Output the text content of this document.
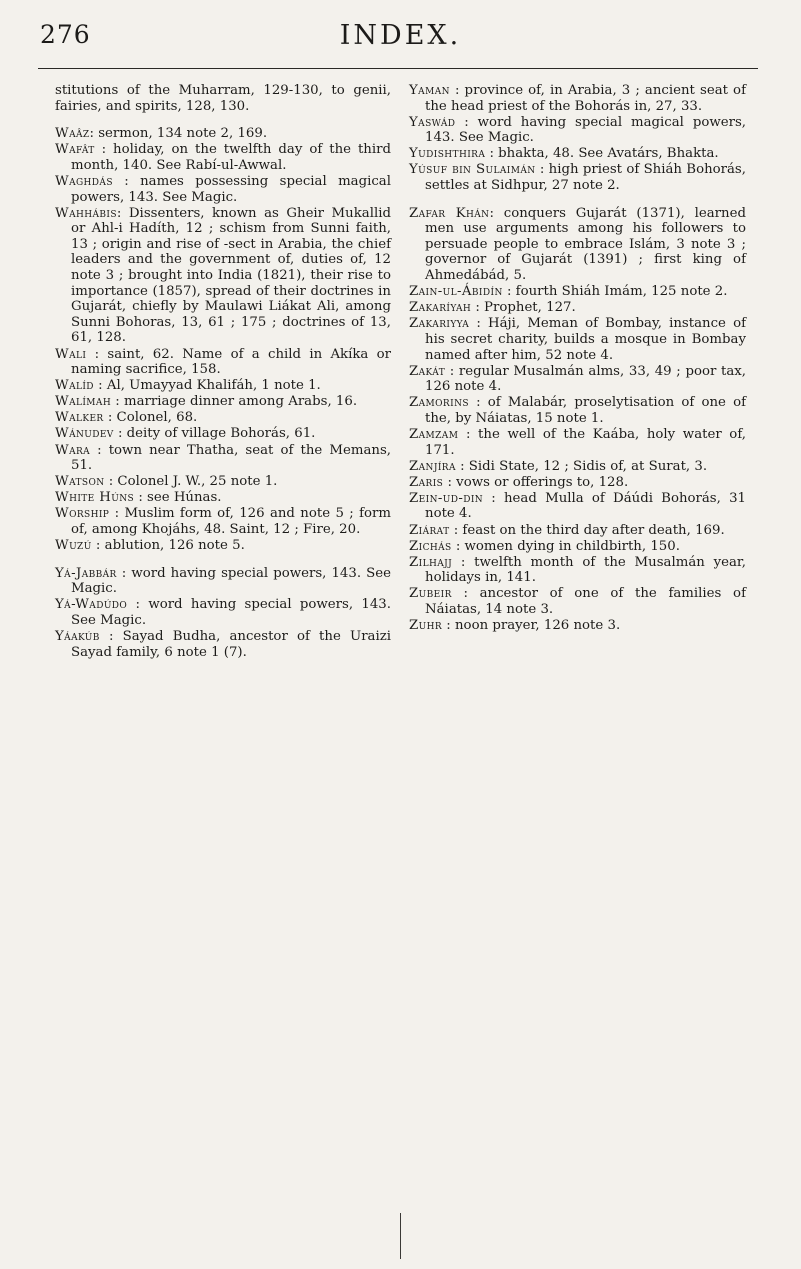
276	INDEX.

stitutions of the Muharram, 129-130, to genii, fairies, and spirits, 128, 130.

Waâz: sermon, 134 note 2, 169.

Wafât : holiday, on the twelfth day of the third month, 140. See Rabí-ul-Awwal.

Waghdás : names possessing special magical powers, 143. See Magic.

Wahhábis: Dissenters, known as Gheir Mukallid or Ahl-i Hadíth, 12 ; schism from Sunni faith, 13 ; origin and rise of -sect in Arabia, the chief leaders and the government of, duties of, 12 note 3 ; brought into India (1821), their rise to importance (1857), spread of their doctrines in Gujarát, chiefly by Maulawi Liákat Ali, among Sunni Bohoras, 13, 61 ; 175 ; doctrines of 13, 61, 128.

Wali : saint, 62. Name of a child in Akíka or naming sacrifice, 158.

Walíd : Al, Umayyad Khalifáh, 1 note 1.

Walímah : marriage dinner among Arabs, 16.

Walker : Colonel, 68.

Wánudev : deity of village Bohorás, 61.

Wara : town near Thatha, seat of the Memans, 51.

Watson : Colonel J. W., 25 note 1.

White Húns : see Húnas.

Worship : Muslim form of, 126 and note 5 ; form of, among Khojáhs, 48. Saint, 12 ; Fire, 20.

Wuzú : ablution, 126 note 5.

Yá-Jabbár : word having special powers, 143. See Magic.

Yá-Wadúdo : word having special powers, 143. See Magic.

Yáakúb : Sayad Budha, ancestor of the Uraizi Sayad family, 6 note 1 (7).

Yaman : province of, in Arabia, 3 ; ancient seat of the head priest of the Bohorás in, 27, 33.

Yaswád : word having special magical powers, 143. See Magic.

Yudishthira : bhakta, 48. See Avatárs, Bhakta.

Yúsuf bin Sulaimán : high priest of Shiáh Bohorás, settles at Sidhpur, 27 note 2.

Zafar Khán: conquers Gujarát (1371), learned men use arguments among his followers to persuade people to embrace Islám, 3 note 3 ; governor of Gujarát (1391) ; first king of Ahmedábád, 5.

Zain-ul-Ábidín : fourth Shiáh Imám, 125 note 2.

Zakaríyah : Prophet, 127.

Zakariyya : Háji, Meman of Bombay, instance of his secret charity, builds a mosque in Bombay named after him, 52 note 4.

Zakát : regular Musalmán alms, 33, 49 ; poor tax, 126 note 4.

Zamorins : of Malabár, proselytisation of one of the, by Náiatas, 15 note 1.

Zamzam : the well of the Kaába, holy water of, 171.

Zanjíra : Sidi State, 12 ; Sidis of, at Surat, 3.

Zaris : vows or offerings to, 128.

Zein-ud-din : head Mulla of Dáúdi Bohorás, 31 note 4.

Ziárat : feast on the third day after death, 169.

Zichás : women dying in childbirth, 150.

Zilhajj : twelfth month of the Musalmán year, holidays in, 141.

Zubeir : ancestor of one of the families of Náiatas, 14 note 3.

Zuhr : noon prayer, 126 note 3.
